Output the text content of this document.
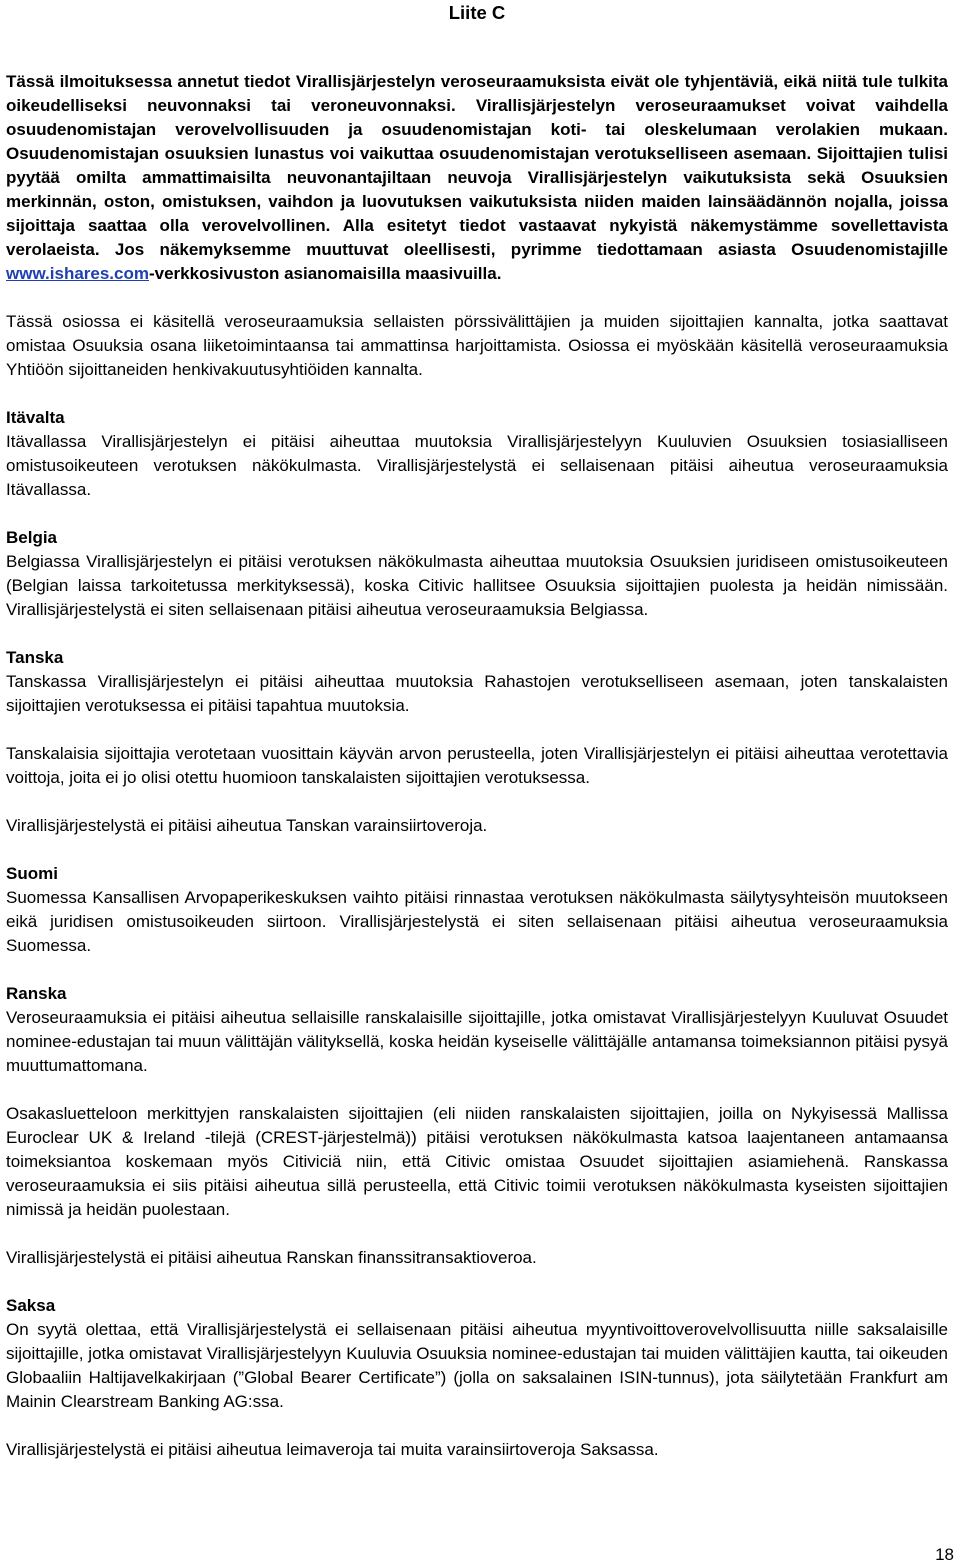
Liite C

Tässä ilmoituksessa annetut tiedot Virallisjärjestelyn veroseuraamuksista eivät ole tyhjentäviä, eikä niitä tule tulkita oikeudelliseksi neuvonnaksi tai veroneuvonnaksi. Virallisjärjestelyn veroseuraamukset voivat vaihdella osuudenomistajan verovelvollisuuden ja osuudenomistajan koti- tai oleskelumaan verolakien mukaan. Osuudenomistajan osuuksien lunastus voi vaikuttaa osuudenomistajan verotukselliseen asemaan. Sijoittajien tulisi pyytää omilta ammattimaisilta neuvonantajiltaan neuvoja Virallisjärjestelyn vaikutuksista sekä Osuuksien merkinnän, oston, omistuksen, vaihdon ja luovutuksen vaikutuksista niiden maiden lainsäädännön nojalla, joissa sijoittaja saattaa olla verovelvollinen. Alla esitetyt tiedot vastaavat nykyistä näkemystämme sovellettavista verolaeista. Jos näkemyksemme muuttuvat oleellisesti, pyrimme tiedottamaan asiasta Osuudenomistajille www.ishares.com-verkkosivuston asianomaisilla maasivuilla.

Tässä osiossa ei käsitellä veroseuraamuksia sellaisten pörssivälittäjien ja muiden sijoittajien kannalta, jotka saattavat omistaa Osuuksia osana liiketoimintaansa tai ammattinsa harjoittamista. Osiossa ei myöskään käsitellä veroseuraamuksia Yhtiöön sijoittaneiden henkivakuutusyhtiöiden kannalta.

Itävalta

Itävallassa Virallisjärjestelyn ei pitäisi aiheuttaa muutoksia Virallisjärjestelyyn Kuuluvien Osuuksien tosiasialliseen omistusoikeuteen verotuksen näkökulmasta. Virallisjärjestelystä ei sellaisenaan pitäisi aiheutua veroseuraamuksia Itävallassa.

Belgia

Belgiassa Virallisjärjestelyn ei pitäisi verotuksen näkökulmasta aiheuttaa muutoksia Osuuksien juridiseen omistusoikeuteen (Belgian laissa tarkoitetussa merkityksessä), koska Citivic hallitsee Osuuksia sijoittajien puolesta ja heidän nimissään. Virallisjärjestelystä ei siten sellaisenaan pitäisi aiheutua veroseuraamuksia Belgiassa.

Tanska

Tanskassa Virallisjärjestelyn ei pitäisi aiheuttaa muutoksia Rahastojen verotukselliseen asemaan, joten tanskalaisten sijoittajien verotuksessa ei pitäisi tapahtua muutoksia.

Tanskalaisia sijoittajia verotetaan vuosittain käyvän arvon perusteella, joten Virallisjärjestelyn ei pitäisi aiheuttaa verotettavia voittoja, joita ei jo olisi otettu huomioon tanskalaisten sijoittajien verotuksessa.

Virallisjärjestelystä ei pitäisi aiheutua Tanskan varainsiirtoveroja.

Suomi

Suomessa Kansallisen Arvopaperikeskuksen vaihto pitäisi rinnastaa verotuksen näkökulmasta säilytysyhteisön muutokseen eikä juridisen omistusoikeuden siirtoon. Virallisjärjestelystä ei siten sellaisenaan pitäisi aiheutua veroseuraamuksia Suomessa.

Ranska

Veroseuraamuksia ei pitäisi aiheutua sellaisille ranskalaisille sijoittajille, jotka omistavat Virallisjärjestelyyn Kuuluvat Osuudet nominee-edustajan tai muun välittäjän välityksellä, koska heidän kyseiselle välittäjälle antamansa toimeksiannon pitäisi pysyä muuttumattomana.

Osakasluetteloon merkittyjen ranskalaisten sijoittajien (eli niiden ranskalaisten sijoittajien, joilla on Nykyisessä Mallissa Euroclear UK & Ireland -tilejä (CREST-järjestelmä)) pitäisi verotuksen näkökulmasta katsoa laajentaneen antamaansa toimeksiantoa koskemaan myös Citiviciä niin, että Citivic omistaa Osuudet sijoittajien asiamiehenä. Ranskassa veroseuraamuksia ei siis pitäisi aiheutua sillä perusteella, että Citivic toimii verotuksen näkökulmasta kyseisten sijoittajien nimissä ja heidän puolestaan.

Virallisjärjestelystä ei pitäisi aiheutua Ranskan finanssitransaktioveroa.

Saksa

On syytä olettaa, että Virallisjärjestelystä ei sellaisenaan pitäisi aiheutua myyntivoittoverovelvollisuutta niille saksalaisille sijoittajille, jotka omistavat Virallisjärjestelyyn Kuuluvia Osuuksia nominee-edustajan tai muiden välittäjien kautta, tai oikeuden Globaaliin Haltijavelkakirjaan (”Global Bearer Certificate”) (jolla on saksalainen ISIN-tunnus), jota säilytetään Frankfurt am Mainin Clearstream Banking AG:ssa.

Virallisjärjestelystä ei pitäisi aiheutua leimaveroja tai muita varainsiirtoveroja Saksassa.

18
